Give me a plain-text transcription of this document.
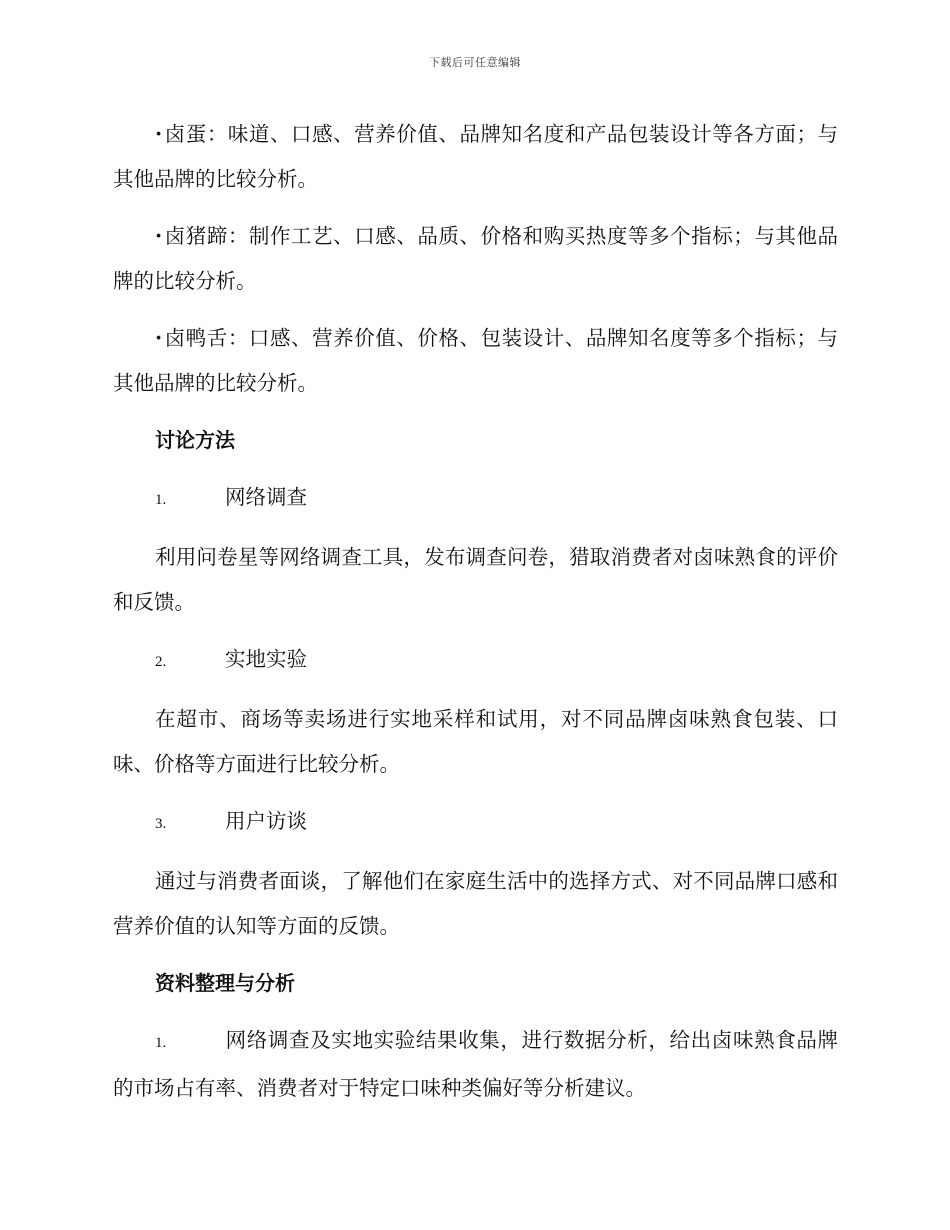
下载后可任意编辑

·卤蛋：味道、口感、营养价值、品牌知名度和产品包装设计等各方面；与其他品牌的比较分析。

·卤猪蹄：制作工艺、口感、品质、价格和购买热度等多个指标；与其他品牌的比较分析。

·卤鸭舌：口感、营养价值、价格、包装设计、品牌知名度等多个指标；与其他品牌的比较分析。

讨论方法

1.	网络调查

利用问卷星等网络调查工具，发布调查问卷，猎取消费者对卤味熟食的评价和反馈。

2.	实地实验

在超市、商场等卖场进行实地采样和试用，对不同品牌卤味熟食包装、口味、价格等方面进行比较分析。

3.	用户访谈

通过与消费者面谈，了解他们在家庭生活中的选择方式、对不同品牌口感和营养价值的认知等方面的反馈。

资料整理与分析

1.	网络调查及实地实验结果收集，进行数据分析，给出卤味熟食品牌的市场占有率、消费者对于特定口味种类偏好等分析建议。
